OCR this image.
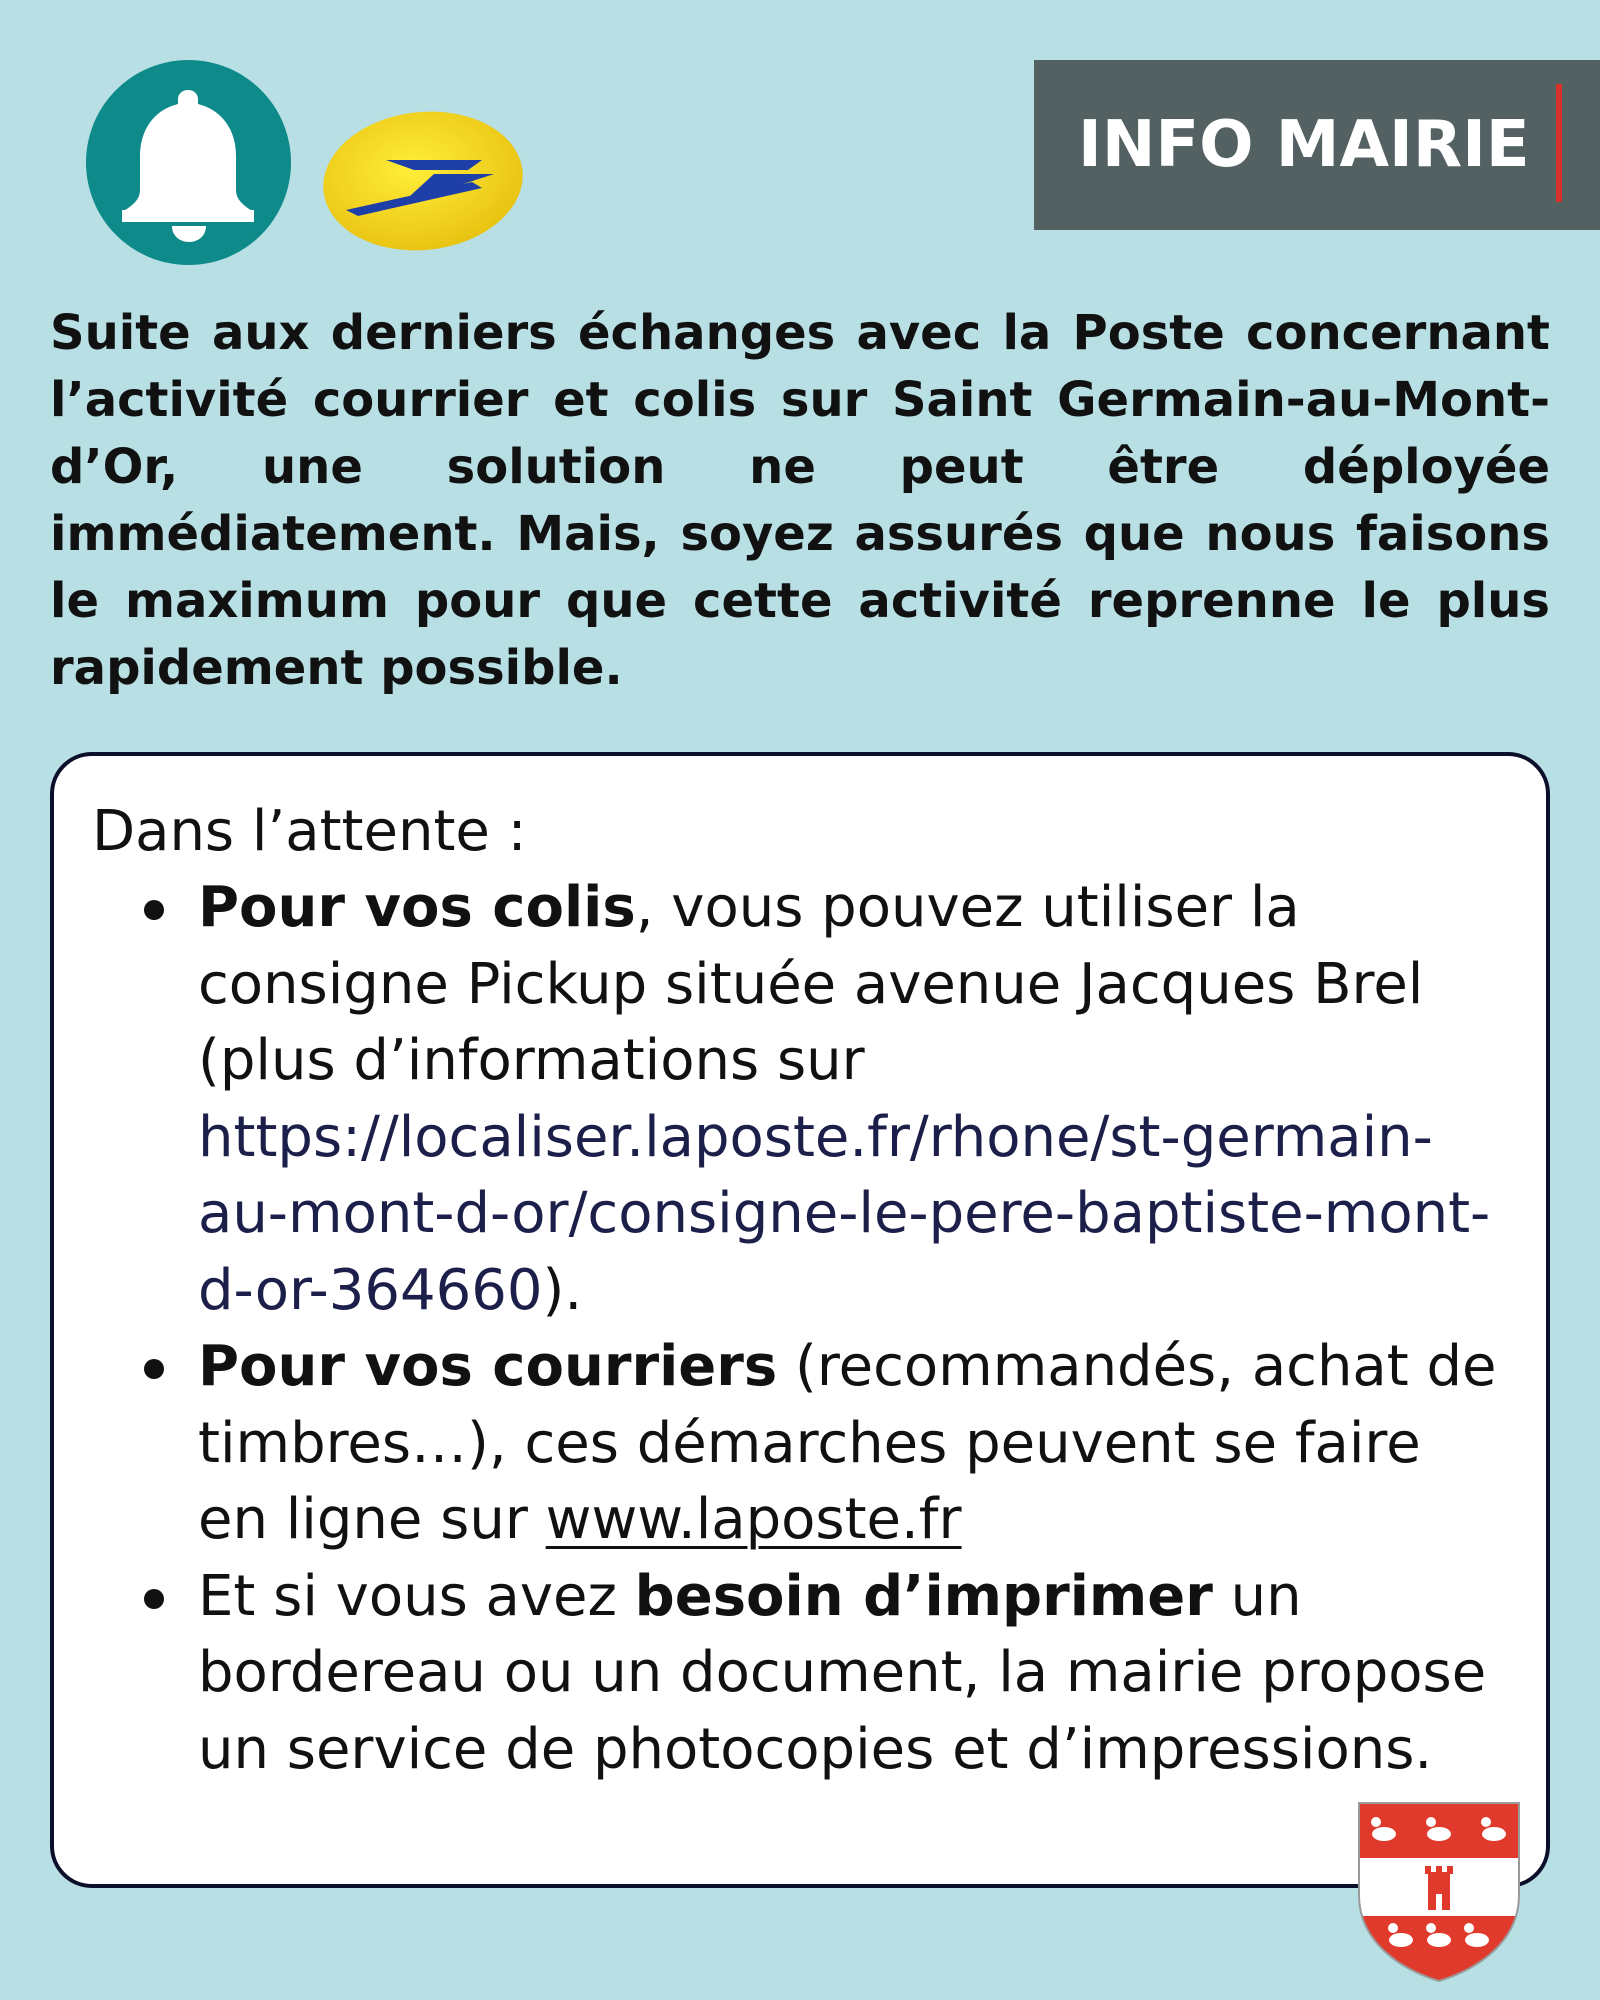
INFO MAIRIE

Suite aux derniers échanges avec la Poste concernant l’activité courrier et colis sur Saint Germain-au-Mont-d’Or, une solution ne peut être déployée immédiatement. Mais, soyez assurés que nous faisons le maximum pour que cette activité reprenne le plus rapidement possible.

Dans l’attente :

Pour vos colis, vous pouvez utiliser la consigne Pickup située avenue Jacques Brel (plus d’informations sur https://localiser.laposte.fr/rhone/st-germain-au-mont-d-or/consigne-le-pere-baptiste-mont-d-or-364660).
Pour vos courriers (recommandés, achat de timbres…), ces démarches peuvent se faire en ligne sur www.laposte.fr
Et si vous avez besoin d’imprimer un bordereau ou un document, la mairie propose un service de photocopies et d’impressions.
